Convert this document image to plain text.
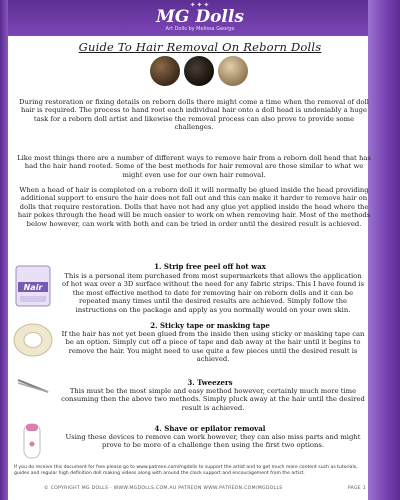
✦✦✦
MG Dolls
Art Dolls by Melissa George
Guide To Hair Removal On Reborn Dolls
During restoration or fixing details on reborn dolls there might come a time when the removal of doll hair is required. The process to hand root each individual hair onto a doll head is undeniably a huge task for a reborn doll artist and likewise the removal process can also prove to provide some challenges.
Like most things there are a number of different ways to remove hair from a reborn doll head that has had the hair hand rooted. Some of the best methods for hair removal are those similar to what we might even use for our own hair removal.
When a head of hair is completed on a reborn doll it will normally be glued inside the head providing additional support to ensure the hair does not fall out and this can make it harder to remove hair on dolls that require restoration. Dolls that have not had any glue yet applied inside the head where the hair pokes through the head will be much easier to work on when removing hair. Most of the methods below however, can work with both and can be tried in order until the desired result is achieved.
Nair
1. Strip free peel off hot wax
This is a personal item purchased from most supermarkets that allows the application of hot wax over a 3D surface without the need for any fabric strips. This I have found is the most effective method to date for removing hair on reborn dolls and it can be repeated many times until the desired results are achieved. Simply follow the instructions on the package and apply as you normally would on your own skin.
2. Sticky tape or masking tape
If the hair has not yet been glued from the inside then using sticky or masking tape can be an option. Simply cut off a piece of tape and dab away at the hair until it begins to remove the hair. You might need to use quite a few pieces until the desired result is achieved.
3. Tweezers
This must be the most simple and easy method however, certainly much more time consuming then the above two methods. Simply pluck away at the hair until the desired result is achieved.
4. Shave or epilator removal
Using these devices to remove can work however, they can also miss parts and might prove to be more of a challenge then using the first two options.
If you do receive this document for free please go to www.patreon.com/mgdolls to support the artist and to get much more content such as tutorials, guides and regular high definition doll making videos along with around the clock support and encouragement from the artist.
© COPYRIGHT MG DOLLS · WWW.MGDOLLS.COM.AU PATREON WWW.PATREON.COM/MGDOLLS	PAGE 1
